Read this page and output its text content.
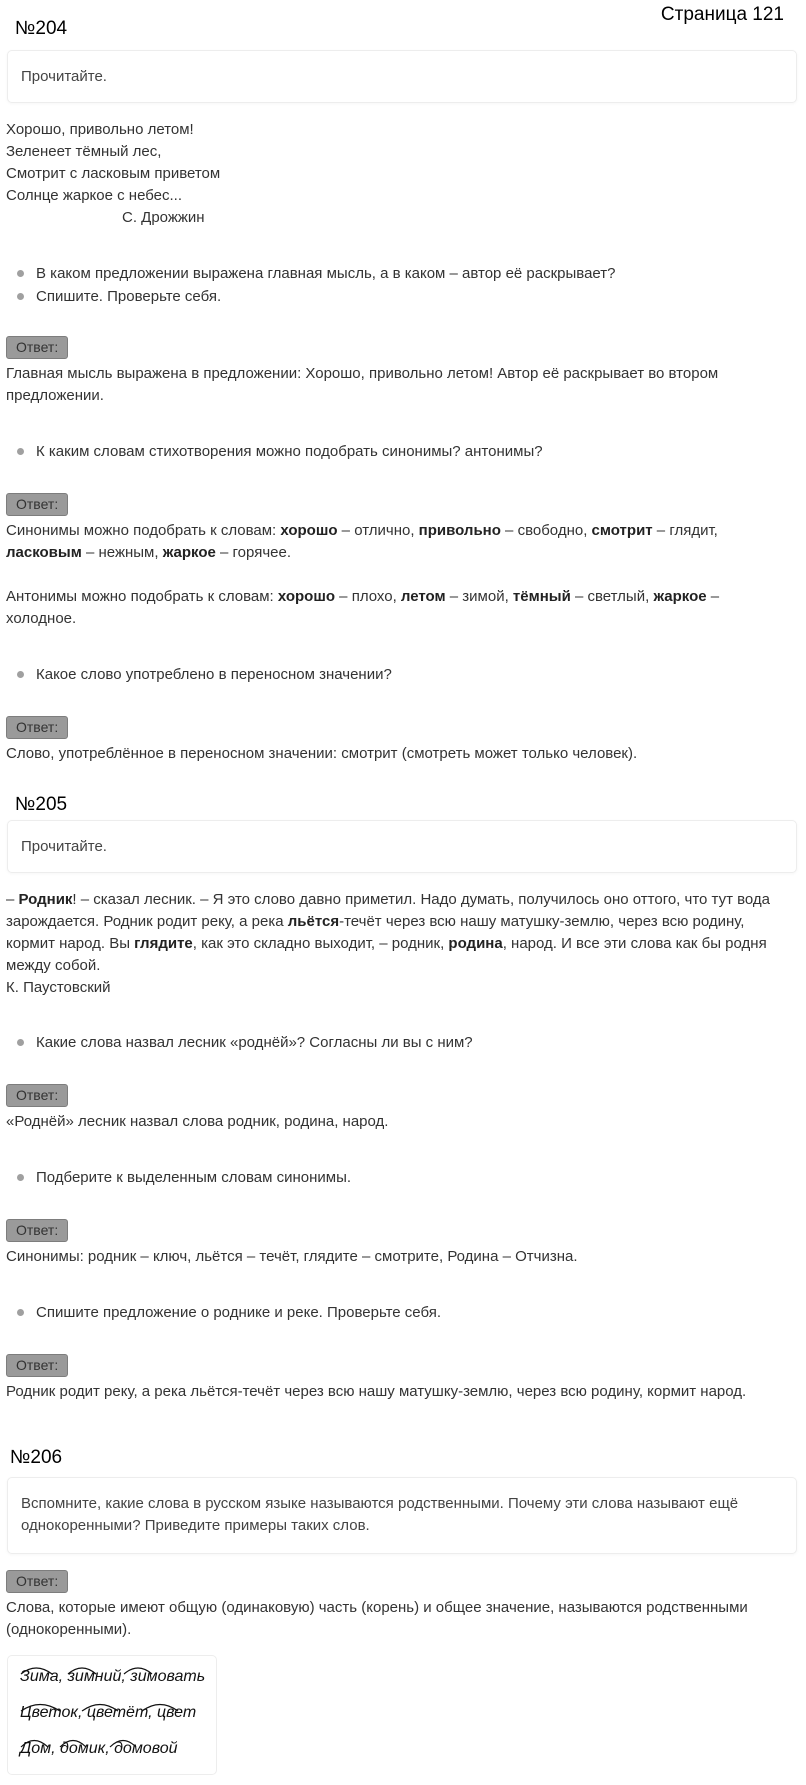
Страница 121
№204
Прочитайте.
Хорошо, привольно летом!
Зеленеет тёмный лес,
Смотрит с ласковым приветом
Солнце жаркое с небес...
С. Дрожжин
В каком предложении выражена главная мысль, а в каком – автор её раскрывает?
Спишите. Проверьте себя.
Ответ:
Главная мысль выражена в предложении: Хорошо, привольно летом! Автор её раскрывает во втором предложении.
К каким словам стихотворения можно подобрать синонимы? антонимы?
Ответ:
Синонимы можно подобрать к словам: хорошо – отлично, привольно – свободно, смотрит – глядит, ласковым – нежным, жаркое – горячее.
Антонимы можно подобрать к словам: хорошо – плохо, летом – зимой, тёмный – светлый, жаркое – холодное.
Какое слово употреблено в переносном значении?
Ответ:
Слово, употреблённое в переносном значении: смотрит (смотреть может только человек).
№205
Прочитайте.
– Родник! – сказал лесник. – Я это слово давно приметил. Надо думать, получилось оно оттого, что тут вода зарождается. Родник родит реку, а река льётся-течёт через всю нашу матушку-землю, через всю родину, кормит народ. Вы глядите, как это складно выходит, – родник, родина, народ. И все эти слова как бы родня между собой.
К. Паустовский
Какие слова назвал лесник «роднёй»? Согласны ли вы с ним?
Ответ:
«Роднёй» лесник назвал слова родник, родина, народ.
Подберите к выделенным словам синонимы.
Ответ:
Синонимы: родник – ключ, льётся – течёт, глядите – смотрите, Родина – Отчизна.
Спишите предложение о роднике и реке. Проверьте себя.
Ответ:
Родник родит реку, а река льётся-течёт через всю нашу матушку-землю, через всю родину, кормит народ.
№206
Вспомните, какие слова в русском языке называются родственными. Почему эти слова называют ещё однокоренными? Приведите примеры таких слов.
Ответ:
Слова, которые имеют общую (одинаковую) часть (корень) и общее значение, называются родственными (однокоренными).
Зима, зимний, зимовать
Цветок, цветёт, цвет
Дом, домик, домовой
